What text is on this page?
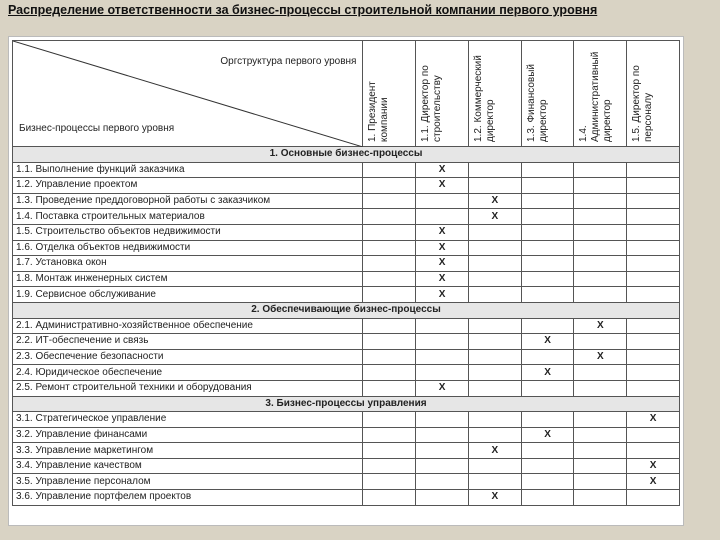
Распределение ответственности за бизнес-процессы строительной компании первого уровня
Оргструктура первого уровня
Бизнес-процессы первого уровня	1. Президент компании	1.1. Директор по строительству	1.2. Коммерческий директор	1.3. Финансовый директор	1.4. Административный директор	1.5. Директор по персоналу

1. Основные бизнес-процессы						
1.1. Выполнение функций заказчика		X				
1.2. Управление проектом		X				
1.3. Проведение преддоговорной работы с заказчиком			X			
1.4. Поставка строительных материалов			X			
1.5. Строительство объектов недвижимости		X				
1.6. Отделка объектов недвижимости		X				
1.7. Установка окон		X				
1.8. Монтаж инженерных систем		X				
1.9. Сервисное обслуживание		X				
2. Обеспечивающие бизнес-процессы						
2.1. Административно-хозяйственное обеспечение					X	
2.2. ИТ-обеспечение и связь				X		
2.3. Обеспечение безопасности					X	
2.4. Юридическое обеспечение				X		
2.5. Ремонт строительной техники и оборудования		X				
3. Бизнес-процессы управления						
3.1. Стратегическое управление						X
3.2. Управление финансами				X		
3.3. Управление маркетингом			X			
3.4. Управление качеством						X
3.5. Управление персоналом						X
3.6. Управление портфелем проектов			X			
